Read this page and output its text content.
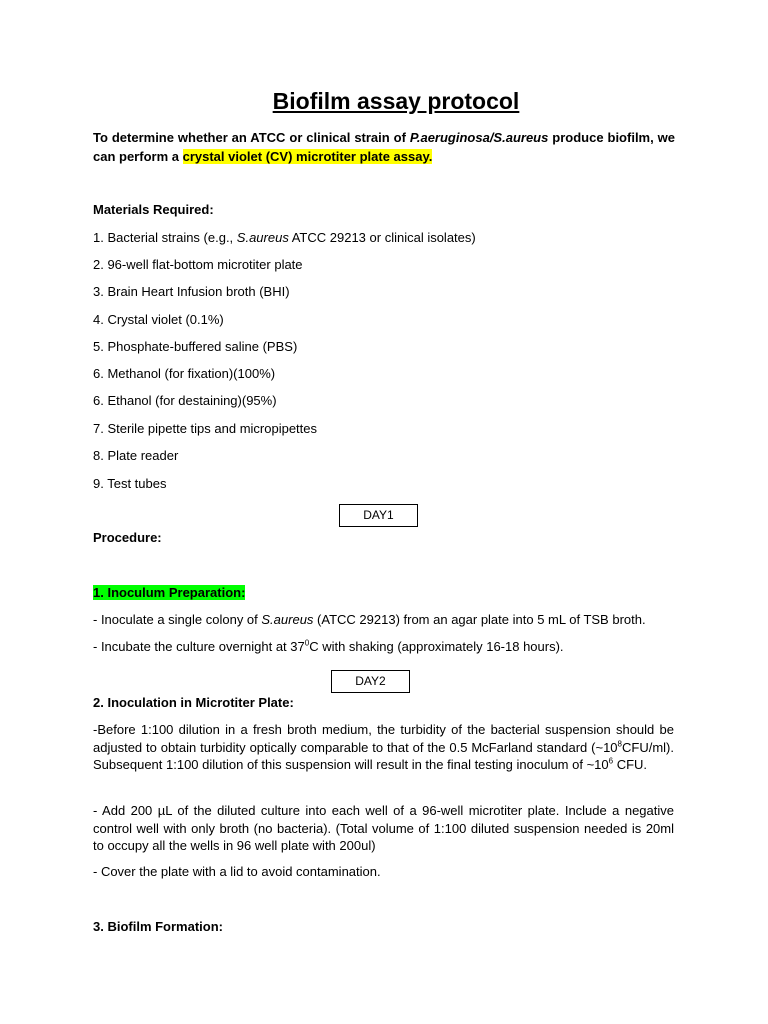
Biofilm assay protocol
To determine whether an ATCC or clinical strain of P.aeruginosa/S.aureus produce biofilm, we can perform a crystal violet (CV) microtiter plate assay.
Materials Required:
1. Bacterial strains (e.g., S.aureus ATCC 29213 or clinical isolates)
2. 96-well flat-bottom microtiter plate
3. Brain Heart Infusion broth (BHI)
4. Crystal violet (0.1%)
5. Phosphate-buffered saline (PBS)
6. Methanol (for fixation)(100%)
6. Ethanol (for destaining)(95%)
7. Sterile pipette tips and micropipettes
8. Plate reader
9. Test tubes
DAY1
Procedure:
1. Inoculum Preparation:
- Inoculate a single colony of S.aureus (ATCC 29213) from an agar plate into 5 mL of TSB broth.
- Incubate the culture overnight at $37^0C$ with shaking (approximately 16-18 hours).
DAY2
2. Inoculation in Microtiter Plate:
-Before 1:100 dilution in a fresh broth medium, the turbidity of the bacterial suspension should be adjusted to obtain turbidity optically comparable to that of the 0.5 McFarland standard $(\sim 10^8CFU/ml)$. Subsequent 1:100 dilution of this suspension will result in the final testing inoculum of $\sim 10^6$ CFU.
- Add 200 µL of the diluted culture into each well of a 96-well microtiter plate. Include a negative control well with only broth (no bacteria). (Total volume of 1:100 diluted suspension needed is 20ml to occupy all the wells in 96 well plate with 200ul)
- Cover the plate with a lid to avoid contamination.
3. Biofilm Formation:
